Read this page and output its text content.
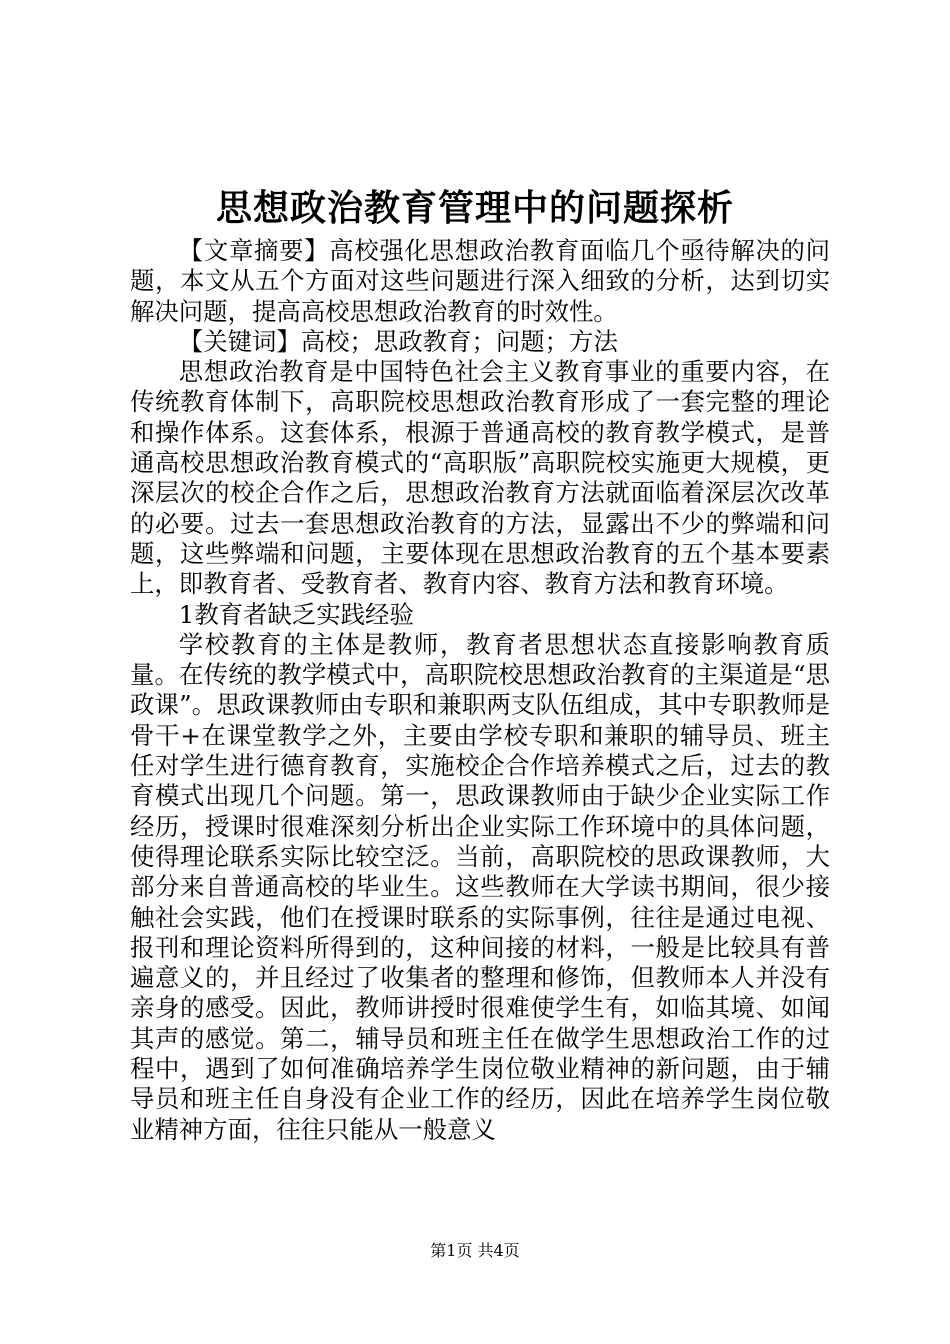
思想政治教育管理中的问题探析

【文章摘要】高校强化思想政治教育面临几个亟待解决的问题，本文从五个方面对这些问题进行深入细致的分析，达到切实解决问题，提高高校思想政治教育的时效性。

【关键词】高校；思政教育；问题；方法

思想政治教育是中国特色社会主义教育事业的重要内容，在传统教育体制下，高职院校思想政治教育形成了一套完整的理论和操作体系。这套体系，根源于普通高校的教育教学模式，是普通高校思想政治教育模式的“高职版”高职院校实施更大规模，更深层次的校企合作之后，思想政治教育方法就面临着深层次改革的必要。过去一套思想政治教育的方法，显露出不少的弊端和问题，这些弊端和问题，主要体现在思想政治教育的五个基本要素上，即教育者、受教育者、教育内容、教育方法和教育环境。

1教育者缺乏实践经验

学校教育的主体是教师，教育者思想状态直接影响教育质量。在传统的教学模式中，高职院校思想政治教育的主渠道是“思政课”。思政课教师由专职和兼职两支队伍组成，其中专职教师是骨干+在课堂教学之外，主要由学校专职和兼职的辅导员、班主任对学生进行德育教育，实施校企合作培养模式之后，过去的教育模式出现几个问题。第一，思政课教师由于缺少企业实际工作经历，授课时很难深刻分析出企业实际工作环境中的具体问题，使得理论联系实际比较空泛。当前，高职院校的思政课教师，大部分来自普通高校的毕业生。这些教师在大学读书期间，很少接触社会实践，他们在授课时联系的实际事例，往往是通过电视、报刊和理论资料所得到的，这种间接的材料，一般是比较具有普遍意义的，并且经过了收集者的整理和修饰，但教师本人并没有亲身的感受。因此，教师讲授时很难使学生有，如临其境、如闻其声的感觉。第二，辅导员和班主任在做学生思想政治工作的过程中，遇到了如何准确培养学生岗位敬业精神的新问题，由于辅导员和班主任自身没有企业工作的经历，因此在培养学生岗位敬业精神方面，往往只能从一般意义

第1页 共4页
